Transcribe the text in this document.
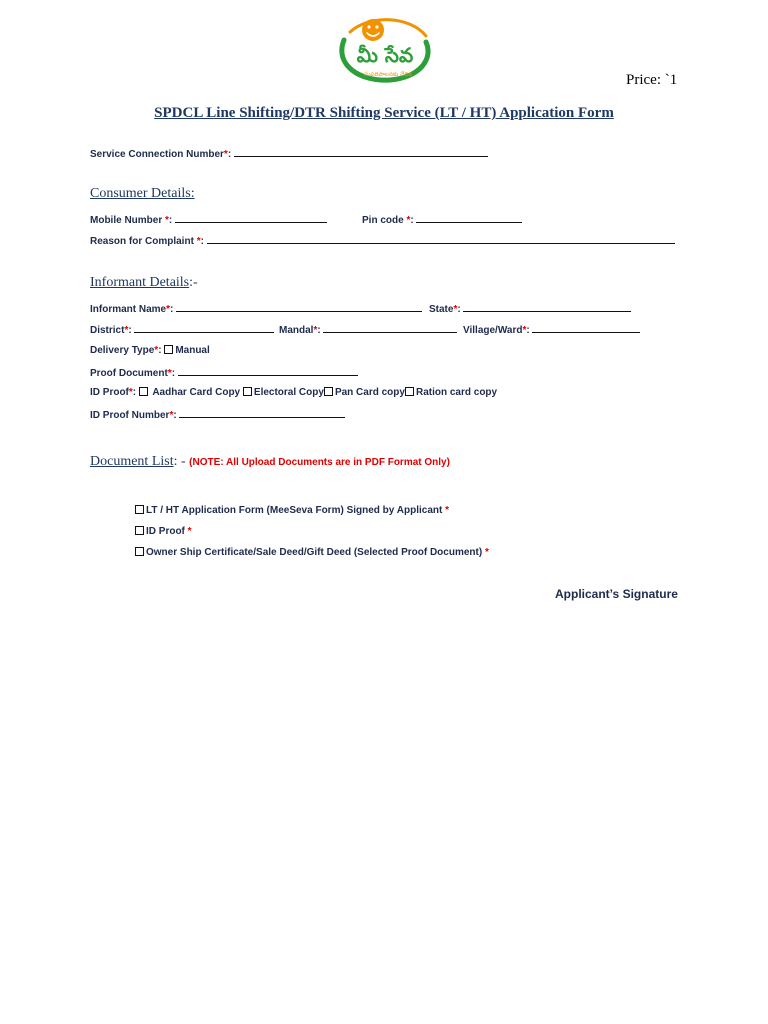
మీ సేవ
సుపరిపాలనకు వేదిక	Price: `1
SPDCL Line Shifting/DTR Shifting Service (LT / HT) Application Form
Service Connection Number*:
Consumer Details:
Mobile Number *:	Pin code *:
Reason for Complaint *:
Informant Details:-
Informant Name*:	State*:
District*:	Mandal*:	Village/Ward*:
Delivery Type*: Manual
Proof Document*:
ID Proof*:  Aadhar Card Copy Electoral Copy Pan Card copy Ration card copy
ID Proof Number*:
Document List: - (NOTE: All Upload Documents are in PDF Format Only)
LT / HT Application Form (MeeSeva Form) Signed by Applicant *
ID Proof *
Owner Ship Certificate/Sale Deed/Gift Deed (Selected Proof Document) *
Applicant’s Signature
